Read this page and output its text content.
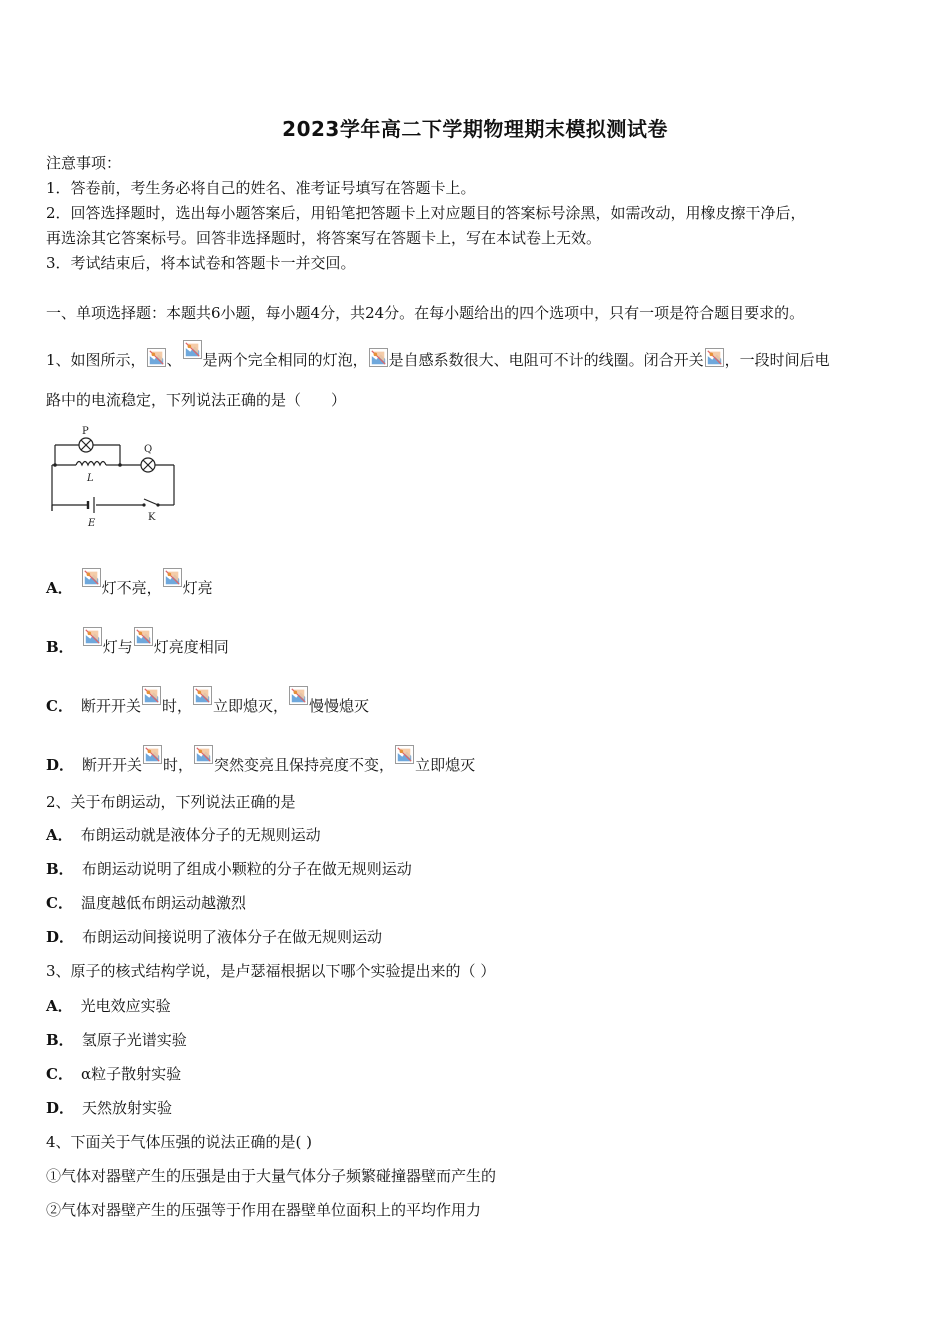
2023学年高二下学期物理期末模拟测试卷
注意事项：
1．答卷前，考生务必将自己的姓名、准考证号填写在答题卡上。
2．回答选择题时，选出每小题答案后，用铅笔把答题卡上对应题目的答案标号涂黑，如需改动，用橡皮擦干净后，
再选涂其它答案标号。回答非选择题时，将答案写在答题卡上，写在本试卷上无效。
3．考试结束后，将本试卷和答题卡一并交回。
一、单项选择题：本题共6小题，每小题4分，共24分。在每小题给出的四个选项中，只有一项是符合题目要求的。
1、如图所示， 、 是两个完全相同的灯泡， 是自感系数很大、电阻可不计的线圈。闭合开关 ，一段时间后电
路中的电流稳定，下列说法正确的是（　　）
P
Q
L
E
K
A． 灯不亮， 灯亮
B． 灯与 灯亮度相同
C． 断开开关 时， 立即熄灭， 慢慢熄灭
D． 断开开关 时， 突然变亮且保持亮度不变， 立即熄灭
2、关于布朗运动，下列说法正确的是
A． 布朗运动就是液体分子的无规则运动
B． 布朗运动说明了组成小颗粒的分子在做无规则运动
C． 温度越低布朗运动越激烈
D． 布朗运动间接说明了液体分子在做无规则运动
3、原子的核式结构学说，是卢瑟福根据以下哪个实验提出来的（ ）
A． 光电效应实验
B． 氢原子光谱实验
C． α粒子散射实验
D． 天然放射实验
4、下面关于气体压强的说法正确的是( )
①气体对器壁产生的压强是由于大量气体分子频繁碰撞器壁而产生的
②气体对器壁产生的压强等于作用在器壁单位面积上的平均作用力
